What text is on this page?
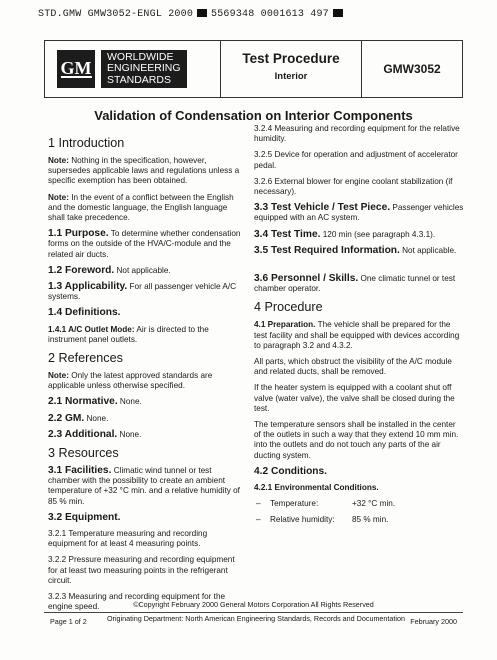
STD.GMW GMW3052-ENGL 2000 5569348 0001613 497
GM
WORLDWIDE
ENGINEERING
STANDARDS
Test Procedure
Interior
GMW3052
Validation of Condensation on Interior Components
1 Introduction

Note: Nothing in the specification, however, supersedes applicable laws and regulations unless a specific exemption has been obtained.

Note: In the event of a conflict between the English and the domestic language, the English language shall take precedence.

1.1 Purpose. To determine whether condensation forms on the outside of the HVA/C-module and the related air ducts.

1.2 Foreword. Not applicable.

1.3 Applicability. For all passenger vehicle A/C systems.

1.4 Definitions.

1.4.1 A/C Outlet Mode: Air is directed to the instrument panel outlets.

2 References

Note: Only the latest approved standards are applicable unless otherwise specified.

2.1 Normative. None.

2.2 GM. None.

2.3 Additional. None.

3 Resources

3.1 Facilities. Climatic wind tunnel or test chamber with the possibility to create an ambient temperature of +32 °C min. and a relative humidity of 85 % min.

3.2 Equipment.

3.2.1 Temperature measuring and recording equipment for at least 4 measuring points.

3.2.2 Pressure measuring and recording equipment for at least two measuring points in the refrigerant circuit.

3.2.3 Measuring and recording equipment for the engine speed.

3.2.4 Measuring and recording equipment for the relative humidity.

3.2.5 Device for operation and adjustment of accelerator pedal.

3.2.6 External blower for engine coolant stabilization (if necessary).

3.3 Test Vehicle / Test Piece. Passenger vehicles equipped with an AC system.

3.4 Test Time. 120 min (see paragraph 4.3.1).

3.5 Test Required Information. Not applicable.

3.6 Personnel / Skills. One climatic tunnel or test chamber operator.

4 Procedure

4.1 Preparation. The vehicle shall be prepared for the test facility and shall be equipped with devices according to paragraph 3.2 and 4.3.2.

All parts, which obstruct the visibility of the A/C module and related ducts, shall be removed.

If the heater system is equipped with a coolant shut off valve (water valve), the valve shall be closed during the test.

The temperature sensors shall be installed in the center of the outlets in such a way that they extend 10 mm min. into the outlets and do not touch any parts of the air ducting system.

4.2 Conditions.

4.2.1 Environmental Conditions.

–	Temperature:	+32 °C min.
–	Relative humidity:	85 % min.
©Copyright February 2000 General Motors Corporation All Rights Reserved
Page 1 of 2	Originating Department: North American Engineering Standards, Records and Documentation February 2000
